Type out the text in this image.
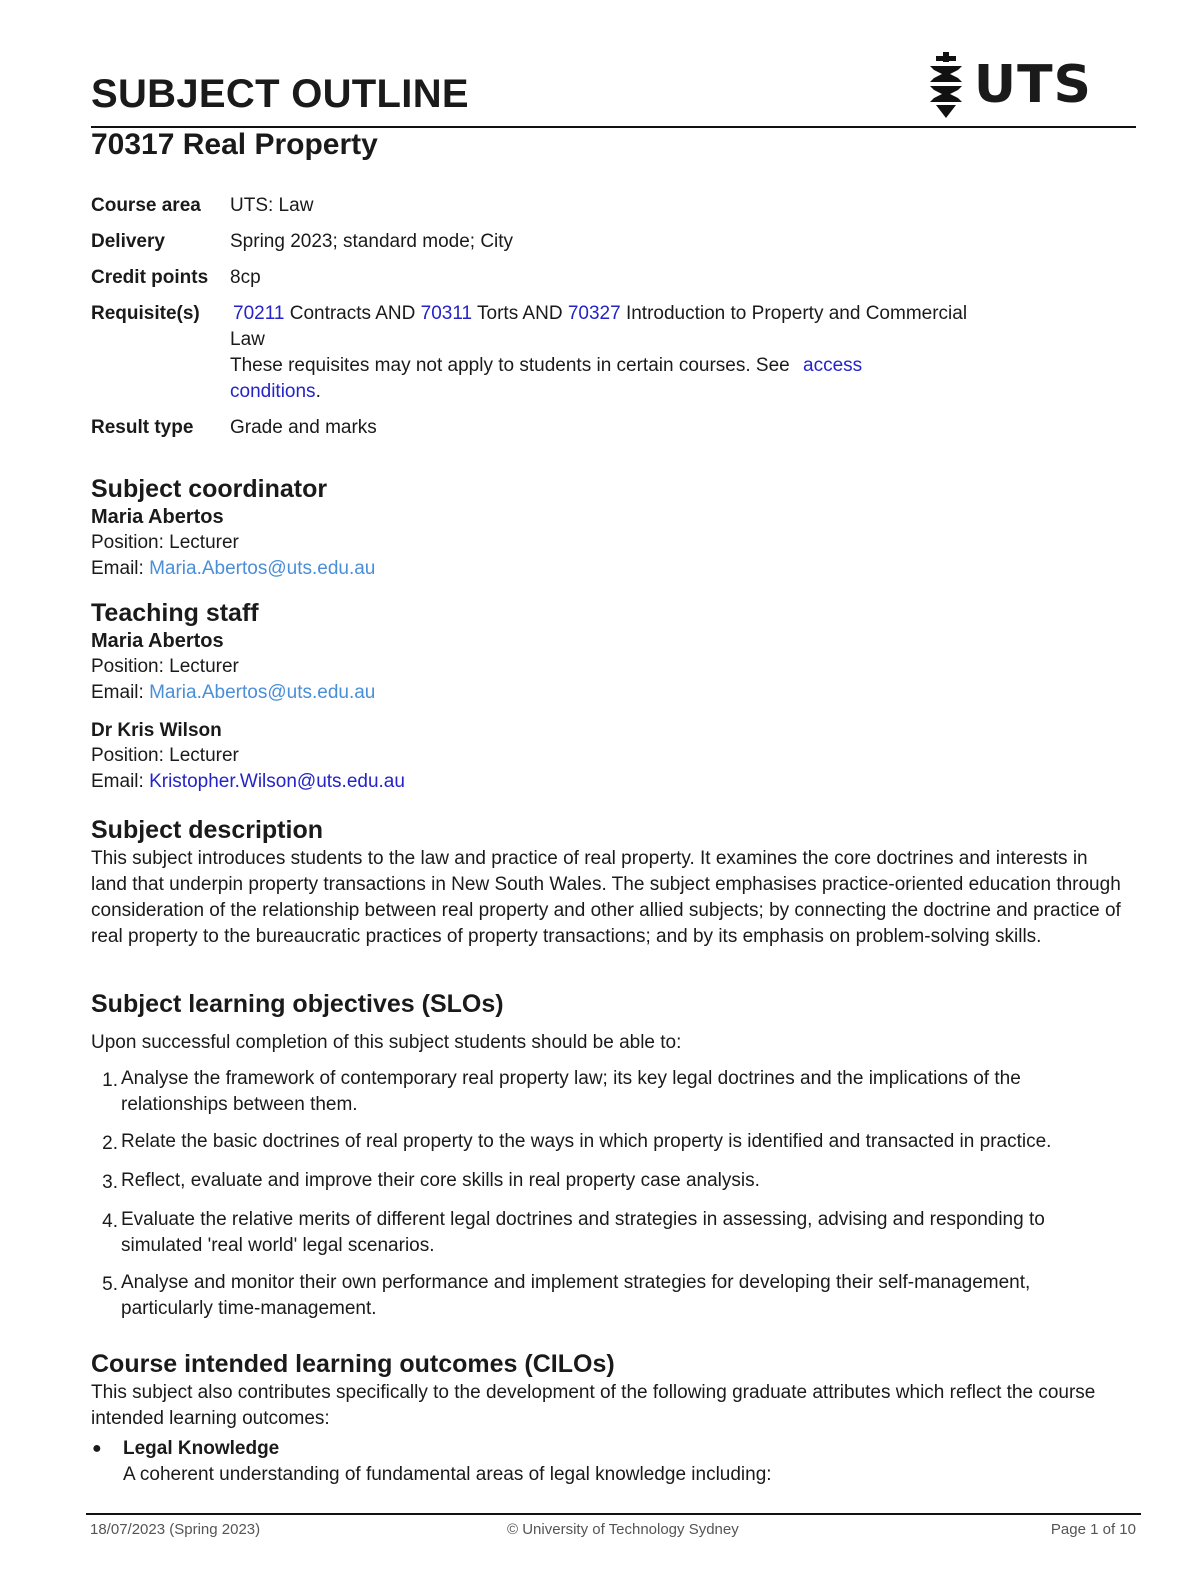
SUBJECT OUTLINE	UTS
70317 Real Property
Course area	UTS: Law
Delivery	Spring 2023; standard mode; City
Credit points	8cp
Requisite(s)	70211 Contracts AND 70311 Torts AND 70327 Introduction to Property and Commercial Law
These requisites may not apply to students in certain courses. See access conditions.
Result type	Grade and marks
Subject coordinator
Maria Abertos
Position: Lecturer
Email: Maria.Abertos@uts.edu.au
Teaching staff
Maria Abertos
Position: Lecturer
Email: Maria.Abertos@uts.edu.au
Dr Kris Wilson
Position: Lecturer
Email: Kristopher.Wilson@uts.edu.au
Subject description

This subject introduces students to the law and practice of real property. It examines the core doctrines and interests in land that underpin property transactions in New South Wales. The subject emphasises practice-oriented education through consideration of the relationship between real property and other allied subjects; by connecting the doctrine and practice of real property to the bureaucratic practices of property transactions; and by its emphasis on problem-solving skills.

Subject learning objectives (SLOs)

Upon successful completion of this subject students should be able to:

1. Analyse the framework of contemporary real property law; its key legal doctrines and the implications of the relationships between them.
2. Relate the basic doctrines of real property to the ways in which property is identified and transacted in practice.
3. Reflect, evaluate and improve their core skills in real property case analysis.
4. Evaluate the relative merits of different legal doctrines and strategies in assessing, advising and responding to simulated 'real world' legal scenarios.
5. Analyse and monitor their own performance and implement strategies for developing their self-management, particularly time-management.
Course intended learning outcomes (CILOs)

This subject also contributes specifically to the development of the following graduate attributes which reflect the course intended learning outcomes:

●	Legal Knowledge
A coherent understanding of fundamental areas of legal knowledge including:
18/07/2023 (Spring 2023)	© University of Technology Sydney	Page 1 of 10
